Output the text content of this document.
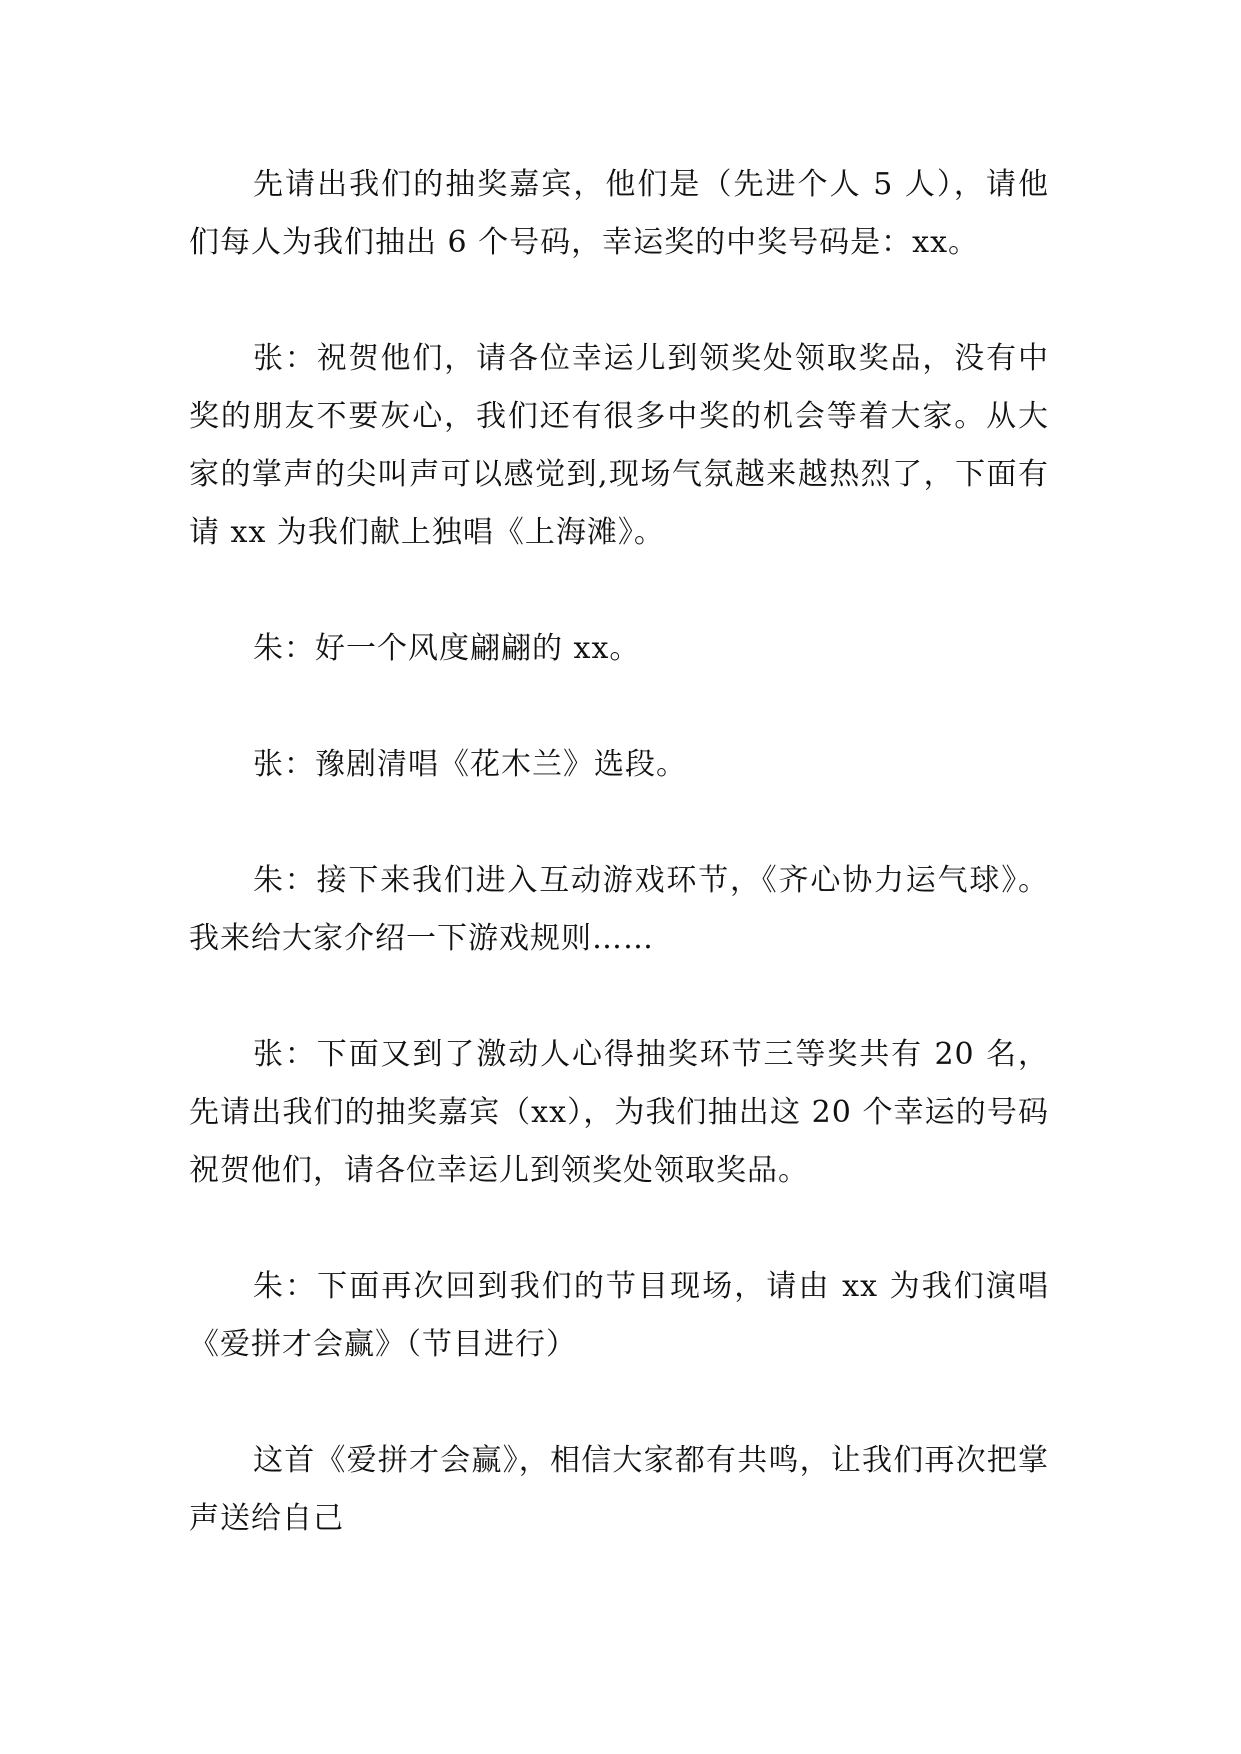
先请出我们的抽奖嘉宾，他们是（先进个人 5 人），请他们每人为我们抽出 6 个号码，幸运奖的中奖号码是：xx。

张：祝贺他们，请各位幸运儿到领奖处领取奖品，没有中奖的朋友不要灰心，我们还有很多中奖的机会等着大家。从大家的掌声的尖叫声可以感觉到,现场气氛越来越热烈了，下面有请 xx 为我们献上独唱《上海滩》。

朱：好一个风度翩翩的 xx。

张：豫剧清唱《花木兰》选段。

朱：接下来我们进入互动游戏环节，《齐心协力运气球》。我来给大家介绍一下游戏规则……

张：下面又到了激动人心得抽奖环节三等奖共有 20 名，先请出我们的抽奖嘉宾（xx），为我们抽出这 20 个幸运的号码祝贺他们，请各位幸运儿到领奖处领取奖品。

朱：下面再次回到我们的节目现场，请由 xx 为我们演唱《爱拼才会赢》（节目进行）

这首《爱拼才会赢》，相信大家都有共鸣，让我们再次把掌声送给自己
